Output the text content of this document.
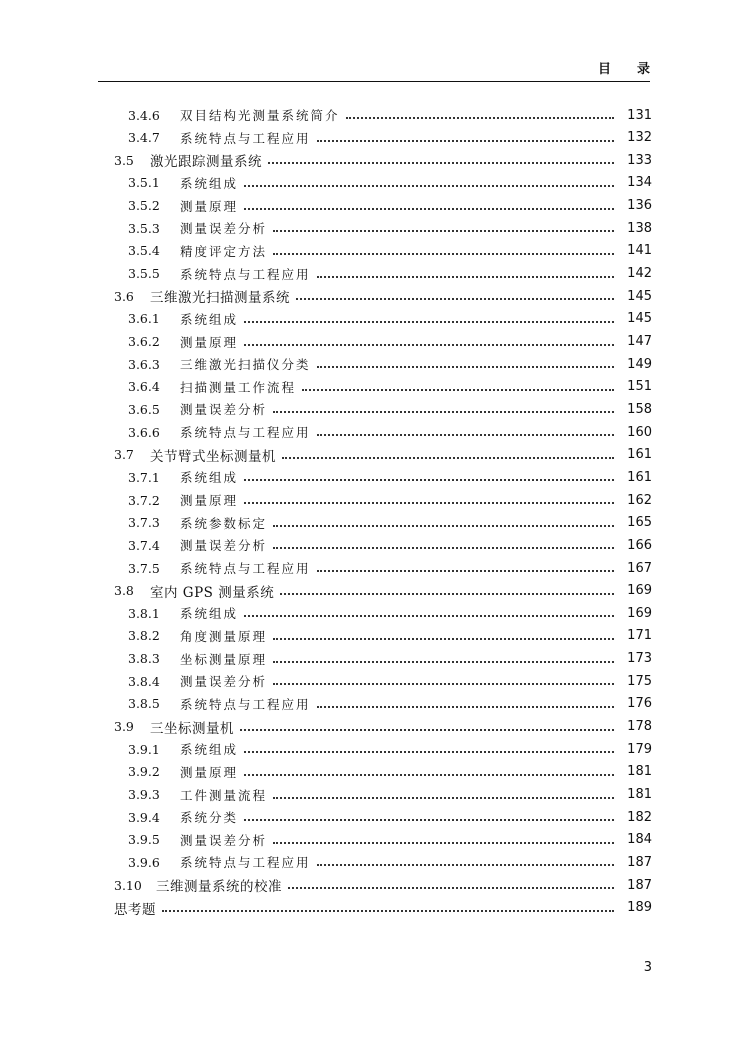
目录
3.4.6	双目结构光测量系统简介	131
3.4.7	系统特点与工程应用	132
3.5	激光跟踪测量系统	133
3.5.1	系统组成	134
3.5.2	测量原理	136
3.5.3	测量误差分析	138
3.5.4	精度评定方法	141
3.5.5	系统特点与工程应用	142
3.6	三维激光扫描测量系统	145
3.6.1	系统组成	145
3.6.2	测量原理	147
3.6.3	三维激光扫描仪分类	149
3.6.4	扫描测量工作流程	151
3.6.5	测量误差分析	158
3.6.6	系统特点与工程应用	160
3.7	关节臂式坐标测量机	161
3.7.1	系统组成	161
3.7.2	测量原理	162
3.7.3	系统参数标定	165
3.7.4	测量误差分析	166
3.7.5	系统特点与工程应用	167
3.8	室内 GPS 测量系统	169
3.8.1	系统组成	169
3.8.2	角度测量原理	171
3.8.3	坐标测量原理	173
3.8.4	测量误差分析	175
3.8.5	系统特点与工程应用	176
3.9	三坐标测量机	178
3.9.1	系统组成	179
3.9.2	测量原理	181
3.9.3	工件测量流程	181
3.9.4	系统分类	182
3.9.5	测量误差分析	184
3.9.6	系统特点与工程应用	187
3.10	三维测量系统的校准	187
思考题	189
3
